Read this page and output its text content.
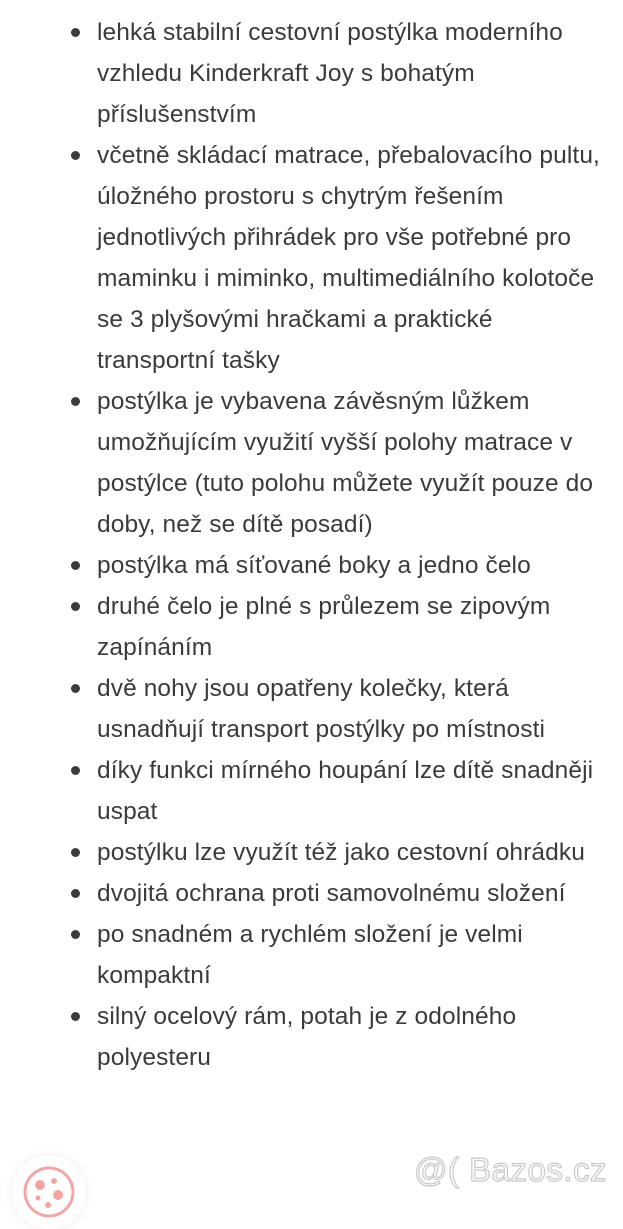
lehká stabilní cestovní postýlka moderního vzhledu Kinderkraft Joy s bohatým příslušenstvím
včetně skládací matrace, přebalovacího pultu, úložného prostoru s chytrým řešením jednotlivých přihrádek pro vše potřebné pro maminku i miminko, multimediálního kolotoče se 3 plyšovými hračkami a praktické transportní tašky
postýlka je vybavena závěsným lůžkem umožňujícím využití vyšší polohy matrace v postýlce (tuto polohu můžete využít pouze do doby, než se dítě posadí)
postýlka má síťované boky a jedno čelo
druhé čelo je plné s průlezem se zipovým zapínáním
dvě nohy jsou opatřeny kolečky, která usnadňují transport postýlky po místnosti
díky funkci mírného houpání lze dítě snadněji uspat
postýlku lze využít též jako cestovní ohrádku
dvojitá ochrana proti samovolnému složení
po snadném a rychlém složení je velmi kompaktní
silný ocelový rám, potah je z odolného polyesteru
@( Bazos.cz
